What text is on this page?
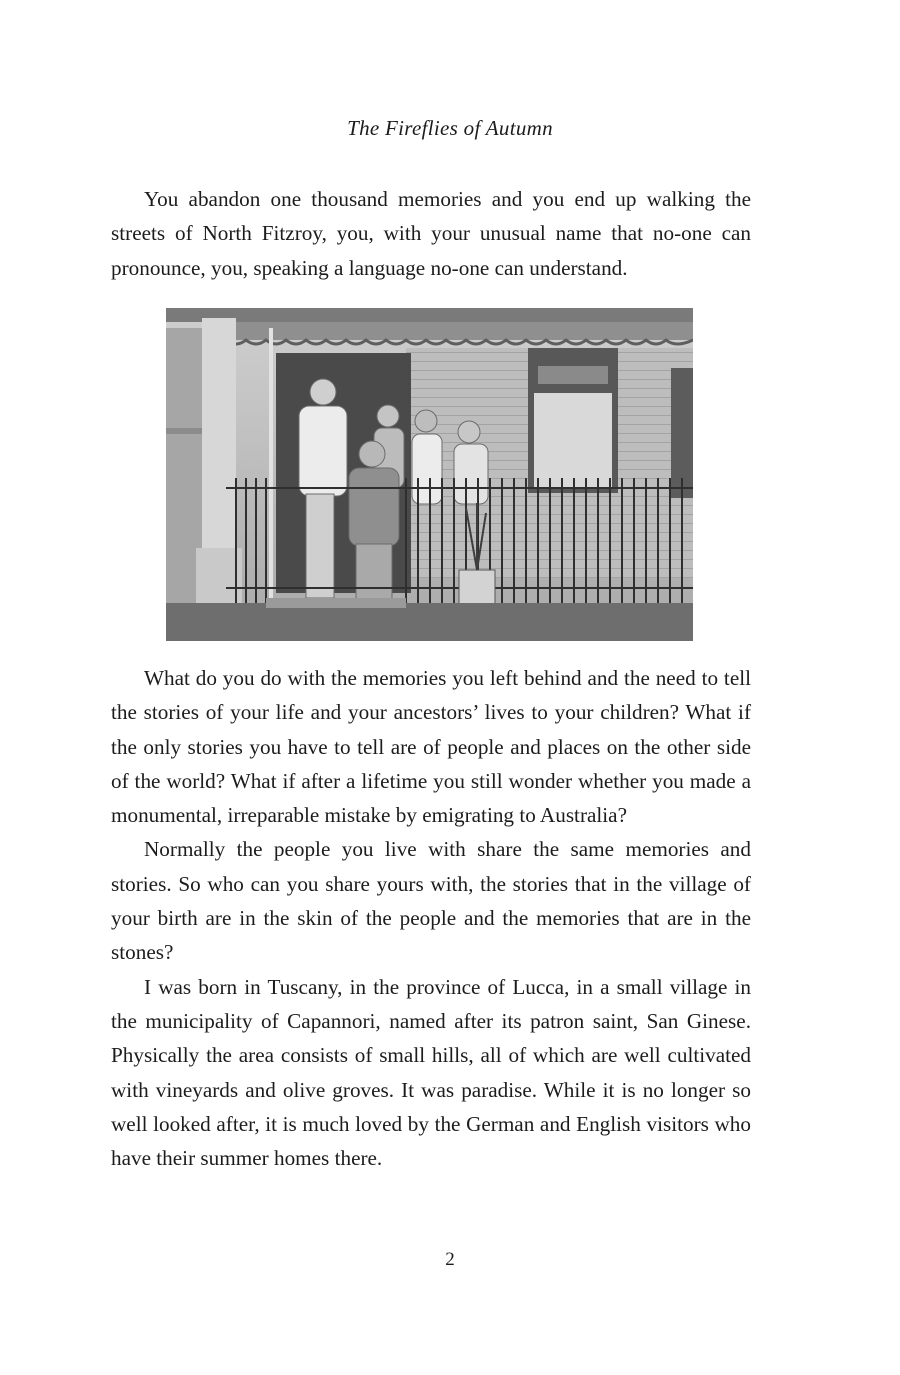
The Fireflies of Autumn

You abandon one thousand memories and you end up walking the streets of North Fitzroy, you, with your unusual name that no-one can pronounce, you, speaking a language no-one can understand.

What do you do with the memories you left behind and the need to tell the stories of your life and your ancestors’ lives to your children? What if the only stories you have to tell are of people and places on the other side of the world? What if after a lifetime you still wonder whether you made a monumental, irreparable mistake by emigrating to Australia?

Normally the people you live with share the same memories and stories. So who can you share yours with, the stories that in the village of your birth are in the skin of the people and the memories that are in the stones?

I was born in Tuscany, in the province of Lucca, in a small village in the municipality of Capannori, named after its patron saint, San Ginese. Physically the area consists of small hills, all of which are well cultivated with vineyards and olive groves. It was paradise. While it is no longer so well looked after, it is much loved by the German and English visitors who have their summer homes there.

2
